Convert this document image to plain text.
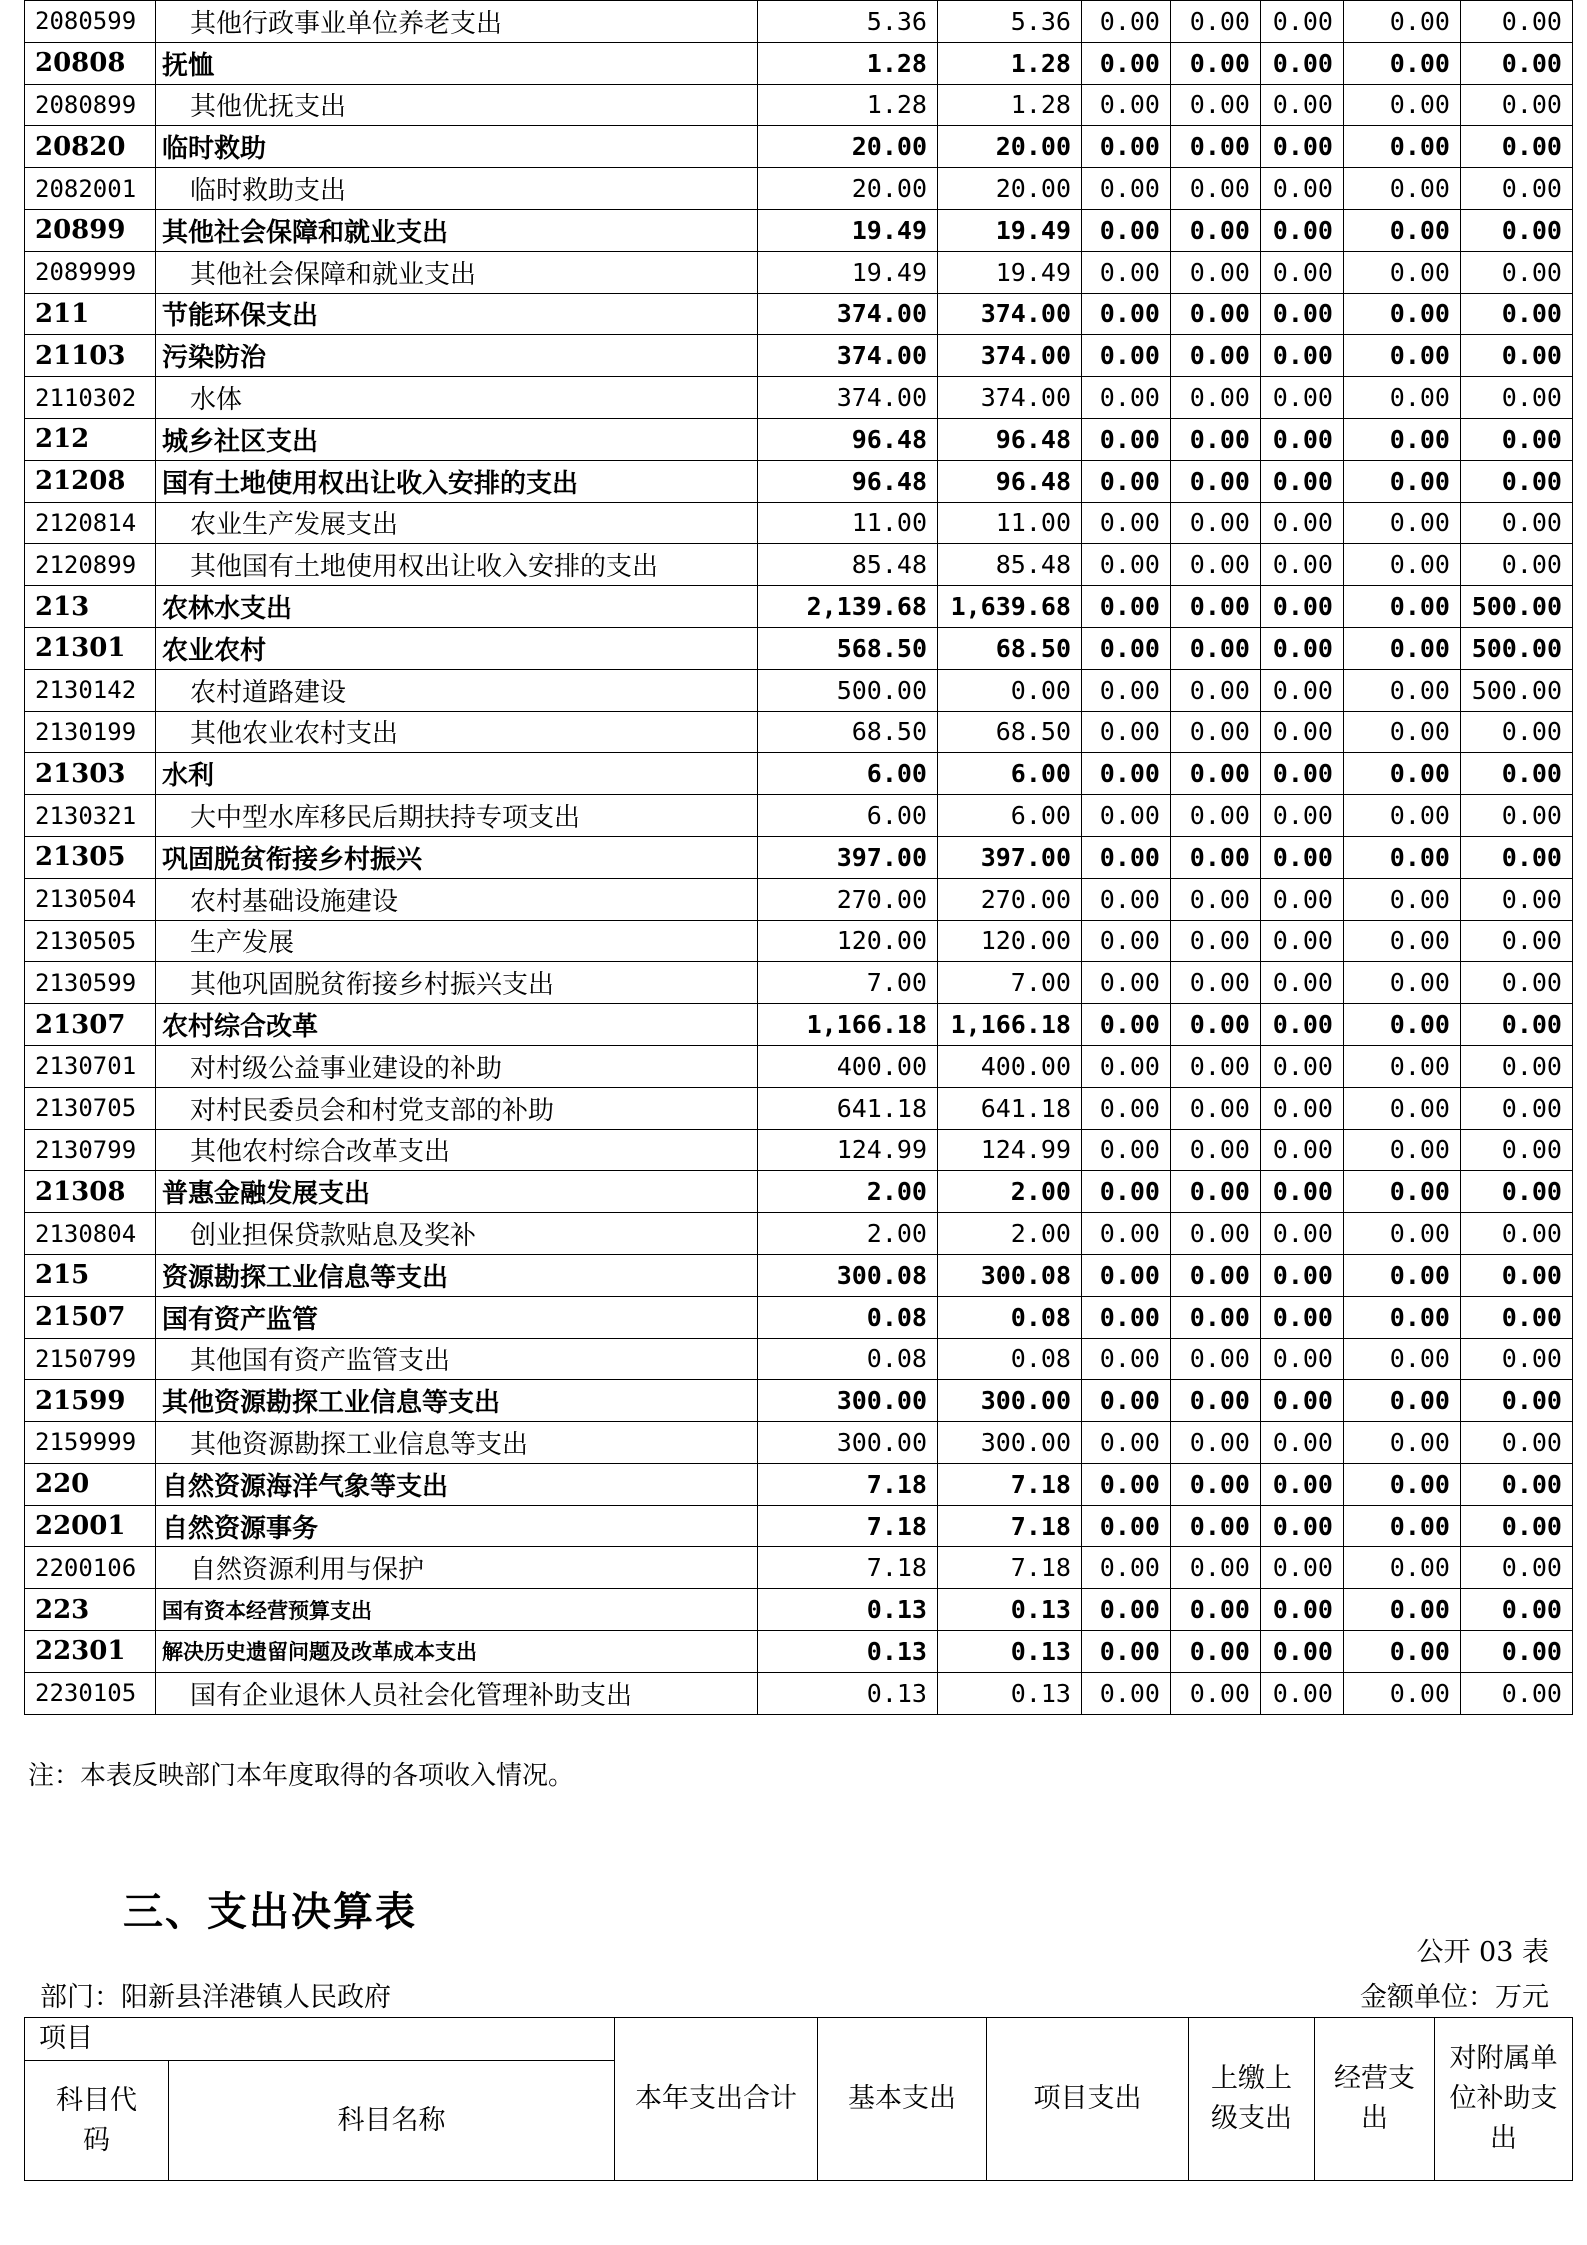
2080599	其他行政事业单位养老支出	5.36	5.36	0.00	0.00	0.00	0.00	0.00
20808	抚恤	1.28	1.28	0.00	0.00	0.00	0.00	0.00
2080899	其他优抚支出	1.28	1.28	0.00	0.00	0.00	0.00	0.00
20820	临时救助	20.00	20.00	0.00	0.00	0.00	0.00	0.00
2082001	临时救助支出	20.00	20.00	0.00	0.00	0.00	0.00	0.00
20899	其他社会保障和就业支出	19.49	19.49	0.00	0.00	0.00	0.00	0.00
2089999	其他社会保障和就业支出	19.49	19.49	0.00	0.00	0.00	0.00	0.00
211	节能环保支出	374.00	374.00	0.00	0.00	0.00	0.00	0.00
21103	污染防治	374.00	374.00	0.00	0.00	0.00	0.00	0.00
2110302	水体	374.00	374.00	0.00	0.00	0.00	0.00	0.00
212	城乡社区支出	96.48	96.48	0.00	0.00	0.00	0.00	0.00
21208	国有土地使用权出让收入安排的支出	96.48	96.48	0.00	0.00	0.00	0.00	0.00
2120814	农业生产发展支出	11.00	11.00	0.00	0.00	0.00	0.00	0.00
2120899	其他国有土地使用权出让收入安排的支出	85.48	85.48	0.00	0.00	0.00	0.00	0.00
213	农林水支出	2,139.68	1,639.68	0.00	0.00	0.00	0.00	500.00
21301	农业农村	568.50	68.50	0.00	0.00	0.00	0.00	500.00
2130142	农村道路建设	500.00	0.00	0.00	0.00	0.00	0.00	500.00
2130199	其他农业农村支出	68.50	68.50	0.00	0.00	0.00	0.00	0.00
21303	水利	6.00	6.00	0.00	0.00	0.00	0.00	0.00
2130321	大中型水库移民后期扶持专项支出	6.00	6.00	0.00	0.00	0.00	0.00	0.00
21305	巩固脱贫衔接乡村振兴	397.00	397.00	0.00	0.00	0.00	0.00	0.00
2130504	农村基础设施建设	270.00	270.00	0.00	0.00	0.00	0.00	0.00
2130505	生产发展	120.00	120.00	0.00	0.00	0.00	0.00	0.00
2130599	其他巩固脱贫衔接乡村振兴支出	7.00	7.00	0.00	0.00	0.00	0.00	0.00
21307	农村综合改革	1,166.18	1,166.18	0.00	0.00	0.00	0.00	0.00
2130701	对村级公益事业建设的补助	400.00	400.00	0.00	0.00	0.00	0.00	0.00
2130705	对村民委员会和村党支部的补助	641.18	641.18	0.00	0.00	0.00	0.00	0.00
2130799	其他农村综合改革支出	124.99	124.99	0.00	0.00	0.00	0.00	0.00
21308	普惠金融发展支出	2.00	2.00	0.00	0.00	0.00	0.00	0.00
2130804	创业担保贷款贴息及奖补	2.00	2.00	0.00	0.00	0.00	0.00	0.00
215	资源勘探工业信息等支出	300.08	300.08	0.00	0.00	0.00	0.00	0.00
21507	国有资产监管	0.08	0.08	0.00	0.00	0.00	0.00	0.00
2150799	其他国有资产监管支出	0.08	0.08	0.00	0.00	0.00	0.00	0.00
21599	其他资源勘探工业信息等支出	300.00	300.00	0.00	0.00	0.00	0.00	0.00
2159999	其他资源勘探工业信息等支出	300.00	300.00	0.00	0.00	0.00	0.00	0.00
220	自然资源海洋气象等支出	7.18	7.18	0.00	0.00	0.00	0.00	0.00
22001	自然资源事务	7.18	7.18	0.00	0.00	0.00	0.00	0.00
2200106	自然资源利用与保护	7.18	7.18	0.00	0.00	0.00	0.00	0.00
223	国有资本经营预算支出	0.13	0.13	0.00	0.00	0.00	0.00	0.00
22301	解决历史遗留问题及改革成本支出	0.13	0.13	0.00	0.00	0.00	0.00	0.00
2230105	国有企业退休人员社会化管理补助支出	0.13	0.13	0.00	0.00	0.00	0.00	0.00
注：本表反映部门本年度取得的各项收入情况。
三、支出决算表
公开 03 表
部门：阳新县洋港镇人民政府	金额单位：万元
项目		本年支出合计	基本支出	项目支出	上缴上级支出	经营支出	对附属单位补助支出
科目代码	科目名称						
